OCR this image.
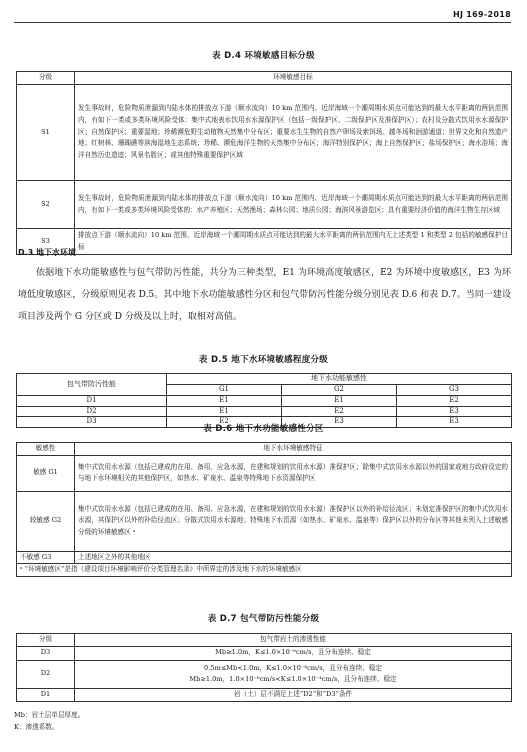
HJ 169-2018
表 D.4 环境敏感目标分级
分级	环境敏感目标
S1	发生事故时，危险物质泄漏到内陆水体的排放点下游（顺水流向）10 km 范围内、近岸海域一个潮周期水质点可能达到的最大水平距离的两倍范围内，有如下一类或多类环境风险受体：集中式地表水饮用水水源保护区（包括一级保护区、二级保护区及准保护区）；农村及分散式饮用水水源保护区；自然保护区；重要湿地；珍稀濒危野生动植物天然集中分布区；重要水生生物的自然产卵场及索饵场、越冬场和洄游通道；世界文化和自然遗产地；红树林、珊瑚礁等滨海湿地生态系统；珍稀、濒危海洋生物的天然集中分布区；海洋特别保护区；海上自然保护区；盐场保护区；海水浴场；海洋自然历史遗迹；风景名胜区；或其他特殊重要保护区域
S2	发生事故时，危险物质泄漏到内陆水体的排放点下游（顺水流向）10 km 范围内、近岸海域一个潮周期水质点可能达到的最大水平距离的两倍范围内，有如下一类或多类环境风险受体的：水产养殖区；天然渔场；森林公园；地质公园；海滨风景游览区；具有重要经济价值的海洋生物生存区域
S3	排放点下游（顺水流向）10 km 范围、近岸海域一个潮周期水质点可能达到的最大水平距离的两倍范围内无上述类型 1 和类型 2 包括的敏感保护目标
D.3 地下水环境
依据地下水功能敏感性与包气带防污性能，共分为三种类型，E1 为环境高度敏感区，E2 为环境中度敏感区，E3 为环境低度敏感区，分级原则见表 D.5。其中地下水功能敏感性分区和包气带防污性能分级分别见表 D.6 和表 D.7。当同一建设项目涉及两个 G 分区或 D 分级及以上时，取相对高值。
表 D.5 地下水环境敏感程度分级
包气带防污性能	地下水功能敏感性		
	G1	G2	G3
D1	E1	E1	E2
D2	E1	E2	E3
D3	E2	E3	E3
表 D.6 地下水功能敏感性分区
敏感性	地下水环境敏感特征
敏感 G1	集中式饮用水水源（包括已建成的在用、备用、应急水源，在建和规划的饮用水水源）准保护区；除集中式饮用水水源以外的国家或地方政府设定的与地下水环境相关的其他保护区，如热水、矿泉水、温泉等特殊地下水资源保护区
较敏感 G2	集中式饮用水水源（包括已建成的在用、备用、应急水源，在建和规划的饮用水水源）准保护区以外的补给径流区；未划定准保护区的集中式饮用水水源，其保护区以外的补给径流区；分散式饮用水水源地；特殊地下水资源（如热水、矿泉水、温泉等）保护区以外的分布区等其他未列入上述敏感分级的环境敏感区 ᵃ
不敏感 G3	上述地区之外的其他地区
ᵃ “环境敏感区”是指《建设项目环境影响评价分类管理名录》中所界定的涉及地下水的环境敏感区	
表 D.7 包气带防污性能分级
分级	包气带岩土的渗透性能
D3	Mb≥1.0m，K≤1.0×10⁻⁶cm/s，且分布连续、稳定
D2	0.5m≤Mb<1.0m，K≤1.0×10⁻⁶cm/s，且分布连续、稳定
Mb≥1.0m，1.0×10⁻⁶cm/s<K≤1.0×10⁻⁴cm/s，且分布连续、稳定

D1	岩（土）层不满足上述“D2”和“D3”条件
Mb：岩土层单层厚度。
K：渗透系数。
